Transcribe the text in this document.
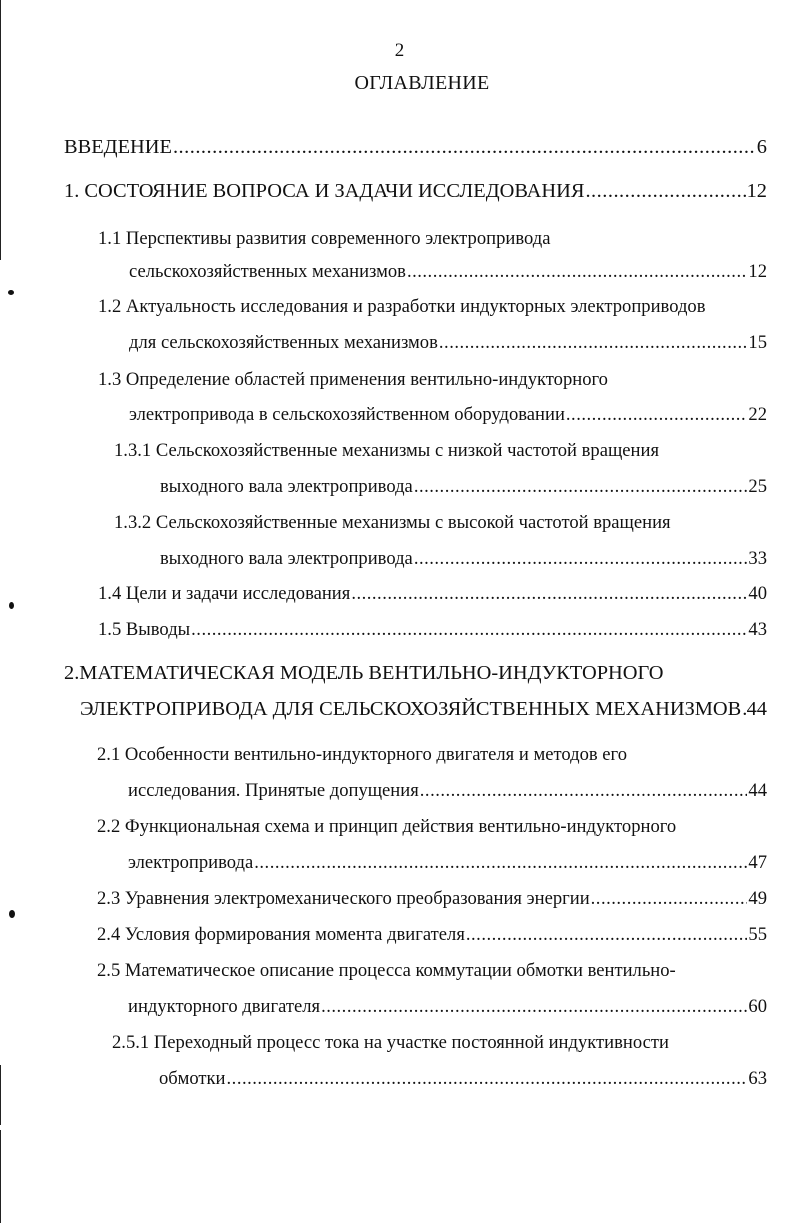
2
ОГЛАВЛЕНИЕ
ВВЕДЕНИЕ .....	6
1. СОСТОЯНИЕ ВОПРОСА И ЗАДАЧИ ИССЛЕДОВАНИЯ .....	12
1.1 Перспективы развития современного электропривода
сельскохозяйственных механизмов .....	12
1.2 Актуальность исследования и разработки индукторных электроприводов
для сельскохозяйственных механизмов .....	15
1.3 Определение областей применения вентильно-индукторного
электропривода в сельскохозяйственном оборудовании .....	22
1.3.1 Сельскохозяйственные механизмы с низкой частотой вращения
выходного вала электропривода .....	25
1.3.2 Сельскохозяйственные механизмы с высокой частотой вращения
выходного вала электропривода .....	33
1.4 Цели и задачи исследования .....	40
1.5 Выводы .....	43
2.МАТЕМАТИЧЕСКАЯ МОДЕЛЬ ВЕНТИЛЬНО-ИНДУКТОРНОГО
ЭЛЕКТРОПРИВОДА ДЛЯ СЕЛЬСКОХОЗЯЙСТВЕННЫХ МЕХАНИЗМОВ ..... 44
2.1 Особенности вентильно-индукторного двигателя и методов его
исследования. Принятые допущения .....	44
2.2 Функциональная схема и принцип действия вентильно-индукторного
электропривода .....	47
2.3 Уравнения электромеханического преобразования энергии .....	49
2.4 Условия формирования момента двигателя .....	55
2.5 Математическое описание процесса коммутации обмотки вентильно-
индукторного двигателя .....	60
2.5.1 Переходный процесс тока на участке постоянной индуктивности
обмотки .....	63
